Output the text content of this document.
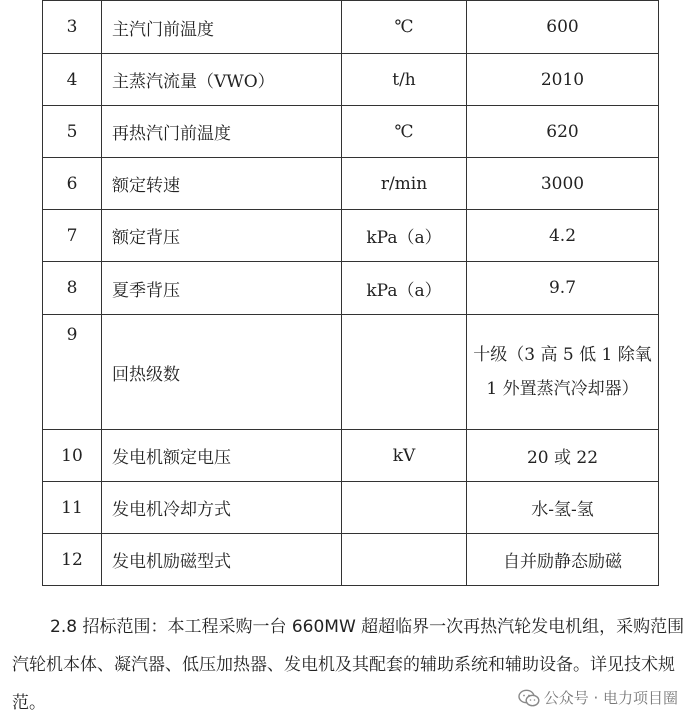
3	主汽门前温度	℃	600
4	主蒸汽流量（VWO）	t/h	2010
5	再热汽门前温度	℃	620
6	额定转速	r/min	3000
7	额定背压	kPa（a）	4.2
8	夏季背压	kPa（a）	9.7
9	回热级数		十级（3 高 5 低 1 除氧
1 外置蒸汽冷却器）

10	发电机额定电压	kV	20 或 22
11	发电机冷却方式		水-氢-氢
12	发电机励磁型式		自并励静态励磁
2.8 招标范围：本工程采购一台 660MW 超超临界一次再热汽轮发电机组，采购范围汽轮机本体、凝汽器、低压加热器、发电机及其配套的辅助系统和辅助设备。详见技术规范。	公众号 · 电力项目圈
